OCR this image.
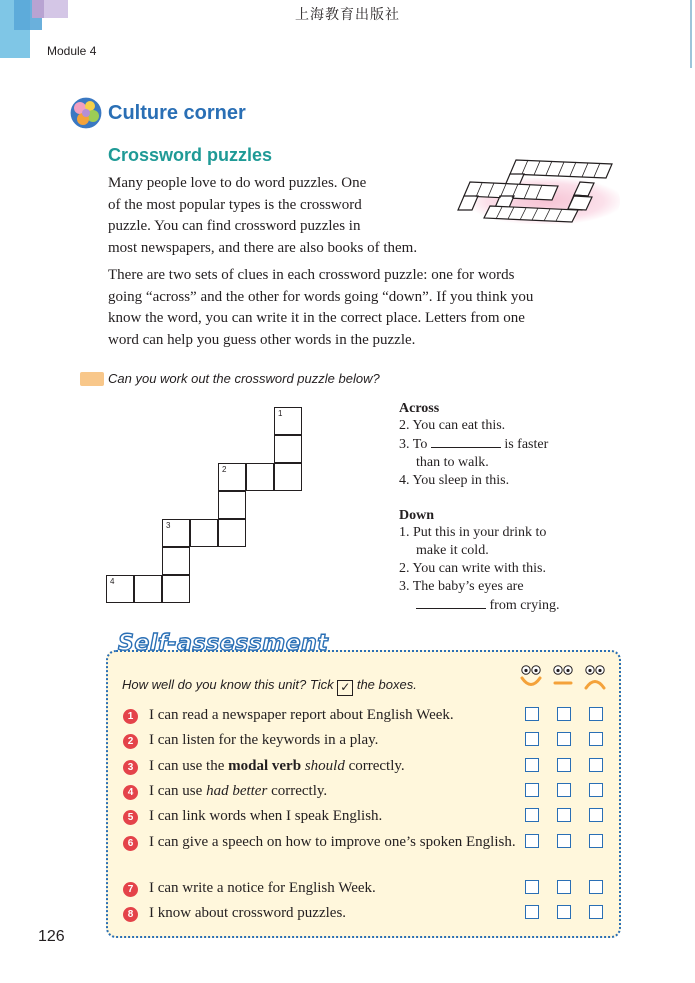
上海教育出版社
Module 4
Culture corner
Crossword puzzles
Many people love to do word puzzles. One
of the most popular types is the crossword
puzzle. You can find crossword puzzles in
most newspapers, and there are also books of them.
There are two sets of clues in each crossword puzzle: one for words
going “across” and the other for words going “down”. If you think you
know the word, you can write it in the correct place. Letters from one
word can help you guess other words in the puzzle.
Can you work out the crossword puzzle below?
1
2
3
4
Across
2. You can eat this.
3. To	is faster
than to walk.
4. You sleep in this.
Down
1. Put this in your drink to
make it cold.
2. You can write with this.
3. The baby’s eyes are
from crying.
Self-assessment
How well do you know this unit? Tick ✓ the boxes.
1	I can read a newspaper report about English Week.
2	I can listen for the keywords in a play.
3	I can use the modal verb should correctly.
4	I can use had better correctly.
5	I can link words when I speak English.
6	I can give a speech on how to improve one’s spoken English.
7	I can write a notice for English Week.
8	I know about crossword puzzles.
126
